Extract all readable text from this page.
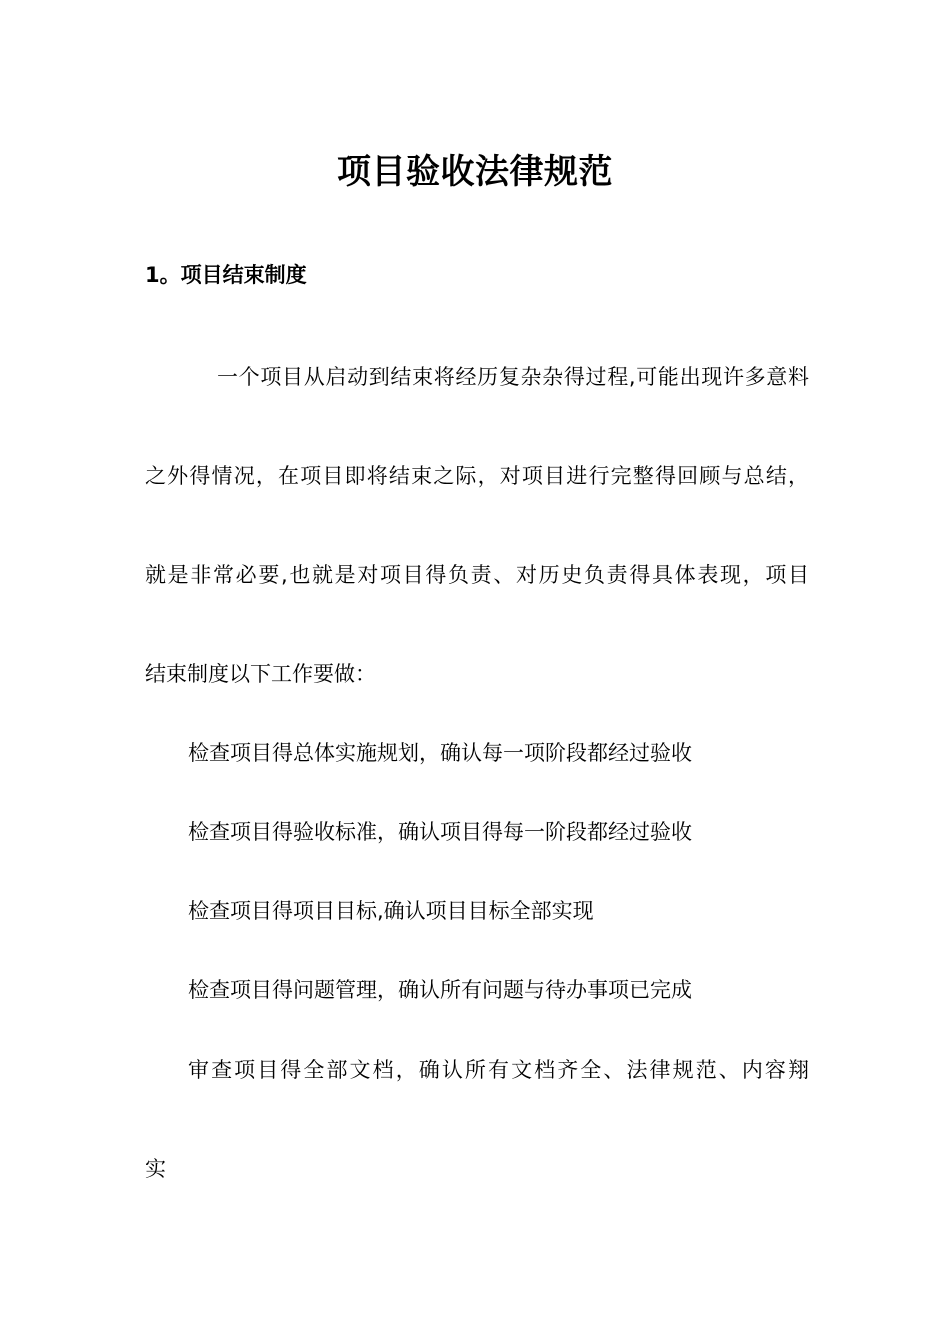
项目验收法律规范
1。项目结束制度
一个项目从启动到结束将经历复杂杂得过程,可能出现许多意料
之外得情况，在项目即将结束之际，对项目进行完整得回顾与总结，
就是非常必要,也就是对项目得负责、对历史负责得具体表现，项目
结束制度以下工作要做：
检查项目得总体实施规划，确认每一项阶段都经过验收
检查项目得验收标准，确认项目得每一阶段都经过验收
检查项目得项目目标,确认项目目标全部实现
检查项目得问题管理，确认所有问题与待办事项已完成
审查项目得全部文档，确认所有文档齐全、法律规范、内容翔
实
